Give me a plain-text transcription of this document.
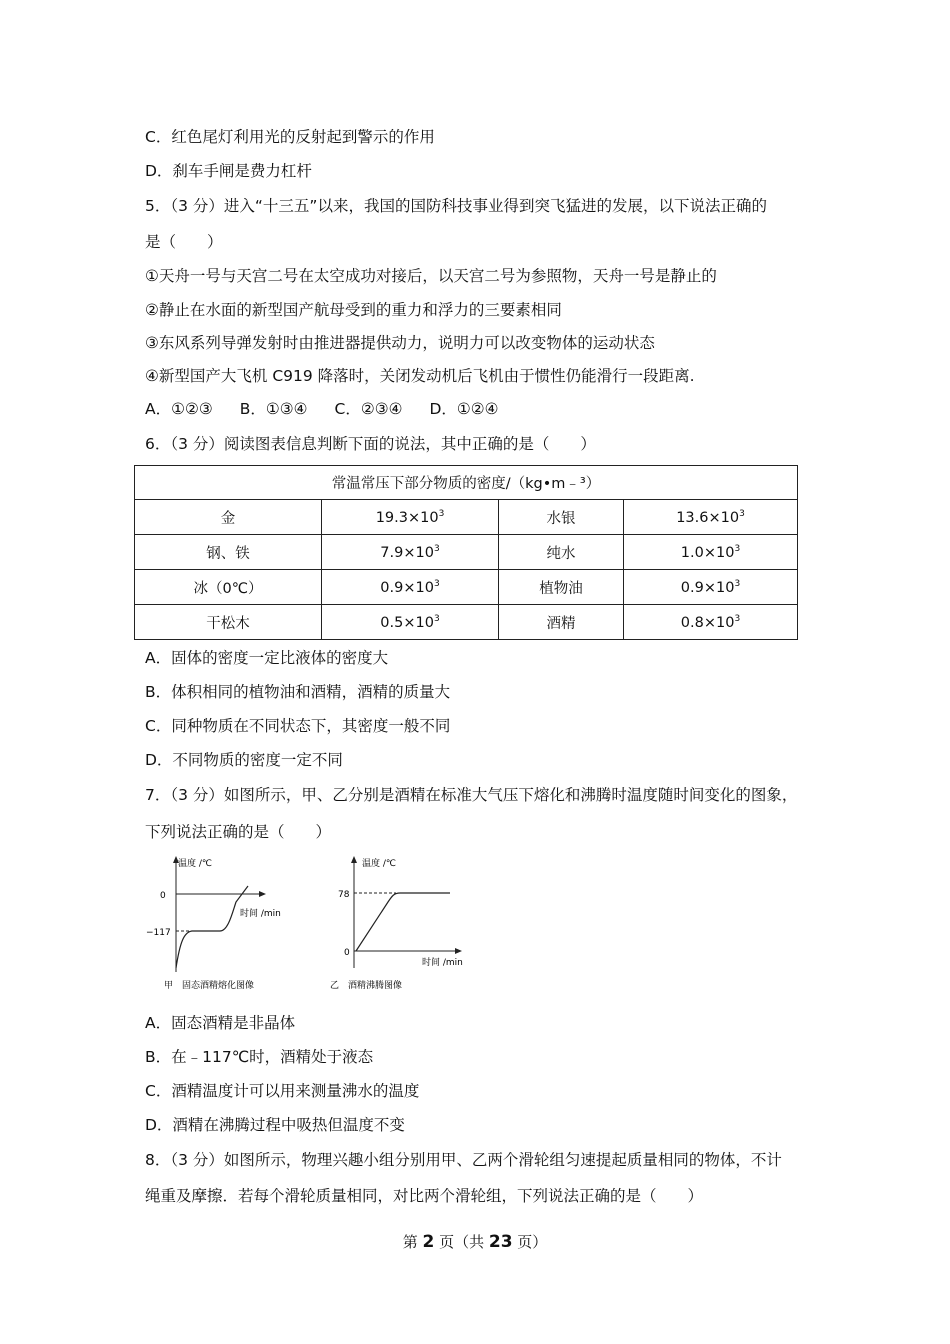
C．红色尾灯利用光的反射起到警示的作用
D．刹车手闸是费力杠杆
5．（3 分）进入“十三五”以来，我国的国防科技事业得到突飞猛进的发展，以下说法正确的
是（　　）
①天舟一号与天宫二号在太空成功对接后，以天宫二号为参照物，天舟一号是静止的
②静止在水面的新型国产航母受到的重力和浮力的三要素相同
③东风系列导弹发射时由推进器提供动力，说明力可以改变物体的运动状态
④新型国产大飞机 C919 降落时，关闭发动机后飞机由于惯性仍能滑行一段距离.
A．①②③ B．①③④ C．②③④ D．①②④
6．（3 分）阅读图表信息判断下面的说法，其中正确的是（　　）
常温常压下部分物质的密度/（kg•m﹣³）			
金	$19.3\times 10^3$	水银	$13.6\times 10^3$
钢、铁	$7.9\times 10^3$	纯水	$1.0\times 10^3$
冰（0℃）	$0.9\times 10^3$	植物油	$0.9\times 10^3$
干松木	$0.5\times 10^3$	酒精	$0.8\times 10^3$
A．固体的密度一定比液体的密度大
B．体积相同的植物油和酒精，酒精的质量大
C．同种物质在不同状态下，其密度一般不同
D．不同物质的密度一定不同
7．（3 分）如图所示，甲、乙分别是酒精在标准大气压下熔化和沸腾时温度随时间变化的图象，
下列说法正确的是（　　）
温度 /℃
0
−117
时间 /min
甲　固态酒精熔化图像
温度 /℃
78
0
时间 /min
乙　酒精沸腾图像
A．固态酒精是非晶体
B．在﹣117℃时，酒精处于液态
C．酒精温度计可以用来测量沸水的温度
D．酒精在沸腾过程中吸热但温度不变
8．（3 分）如图所示，物理兴趣小组分别用甲、乙两个滑轮组匀速提起质量相同的物体，不计
绳重及摩擦．若每个滑轮质量相同，对比两个滑轮组，下列说法正确的是（　　）
第 2 页（共 23 页）
